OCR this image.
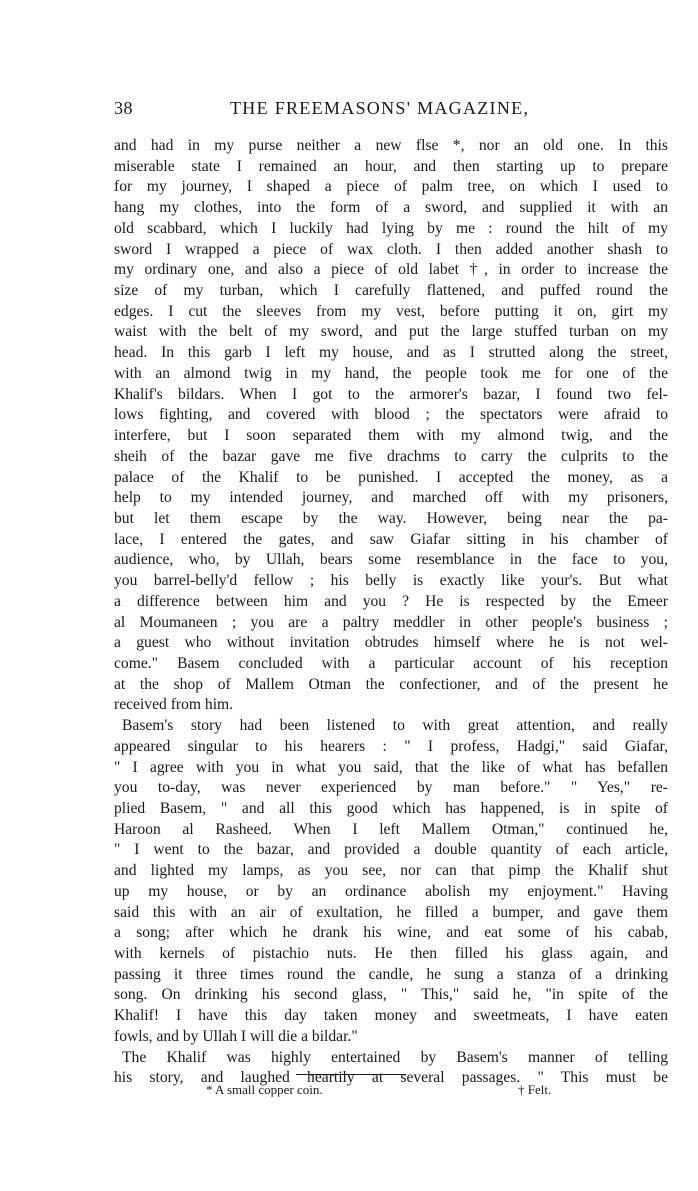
38	THE FREEMASONS' MAGAZINE,
and had in my purse neither a new flse *, nor an old one. In this
miserable state I remained an hour, and then starting up to prepare
for my journey, I shaped a piece of palm tree, on which I used to
hang my clothes, into the form of a sword, and supplied it with an
old scabbard, which I luckily had lying by me : round the hilt of my
sword I wrapped a piece of wax cloth. I then added another shash to
my ordinary one, and also a piece of old labet †, in order to increase the
size of my turban, which I carefully flattened, and puffed round the
edges. I cut the sleeves from my vest, before putting it on, girt my
waist with the belt of my sword, and put the large stuffed turban on my
head. In this garb I left my house, and as I strutted along the street,
with an almond twig in my hand, the people took me for one of the
Khalif's bildars. When I got to the armorer's bazar, I found two fel-
lows fighting, and covered with blood ; the spectators were afraid to
interfere, but I soon separated them with my almond twig, and the
sheih of the bazar gave me five drachms to carry the culprits to the
palace of the Khalif to be punished. I accepted the money, as a
help to my intended journey, and marched off with my prisoners,
but let them escape by the way. However, being near the pa-
lace, I entered the gates, and saw Giafar sitting in his chamber of
audience, who, by Ullah, bears some resemblance in the face to you,
you barrel-belly'd fellow ; his belly is exactly like your's. But what
a difference between him and you ? He is respected by the Emeer
al Moumaneen ; you are a paltry meddler in other people's business ;
a guest who without invitation obtrudes himself where he is not wel-
come." Basem concluded with a particular account of his reception
at the shop of Mallem Otman the confectioner, and of the present he
received from him.
Basem's story had been listened to with great attention, and really
appeared singular to his hearers : " I profess, Hadgi," said Giafar,
" I agree with you in what you said, that the like of what has befallen
you to-day, was never experienced by man before." " Yes," re-
plied Basem, " and all this good which has happened, is in spite of
Haroon al Rasheed. When I left Mallem Otman," continued he,
" I went to the bazar, and provided a double quantity of each article,
and lighted my lamps, as you see, nor can that pimp the Khalif shut
up my house, or by an ordinance abolish my enjoyment." Having
said this with an air of exultation, he filled a bumper, and gave them
a song; after which he drank his wine, and eat some of his cabab,
with kernels of pistachio nuts. He then filled his glass again, and
passing it three times round the candle, he sung a stanza of a drinking
song. On drinking his second glass, " This," said he, "in spite of the
Khalif! I have this day taken money and sweetmeats, I have eaten
fowls, and by Ullah I will die a bildar."
The Khalif was highly entertained by Basem's manner of telling
his story, and laughed heartily at several passages. " This must be
* A small copper coin.	† Felt.
